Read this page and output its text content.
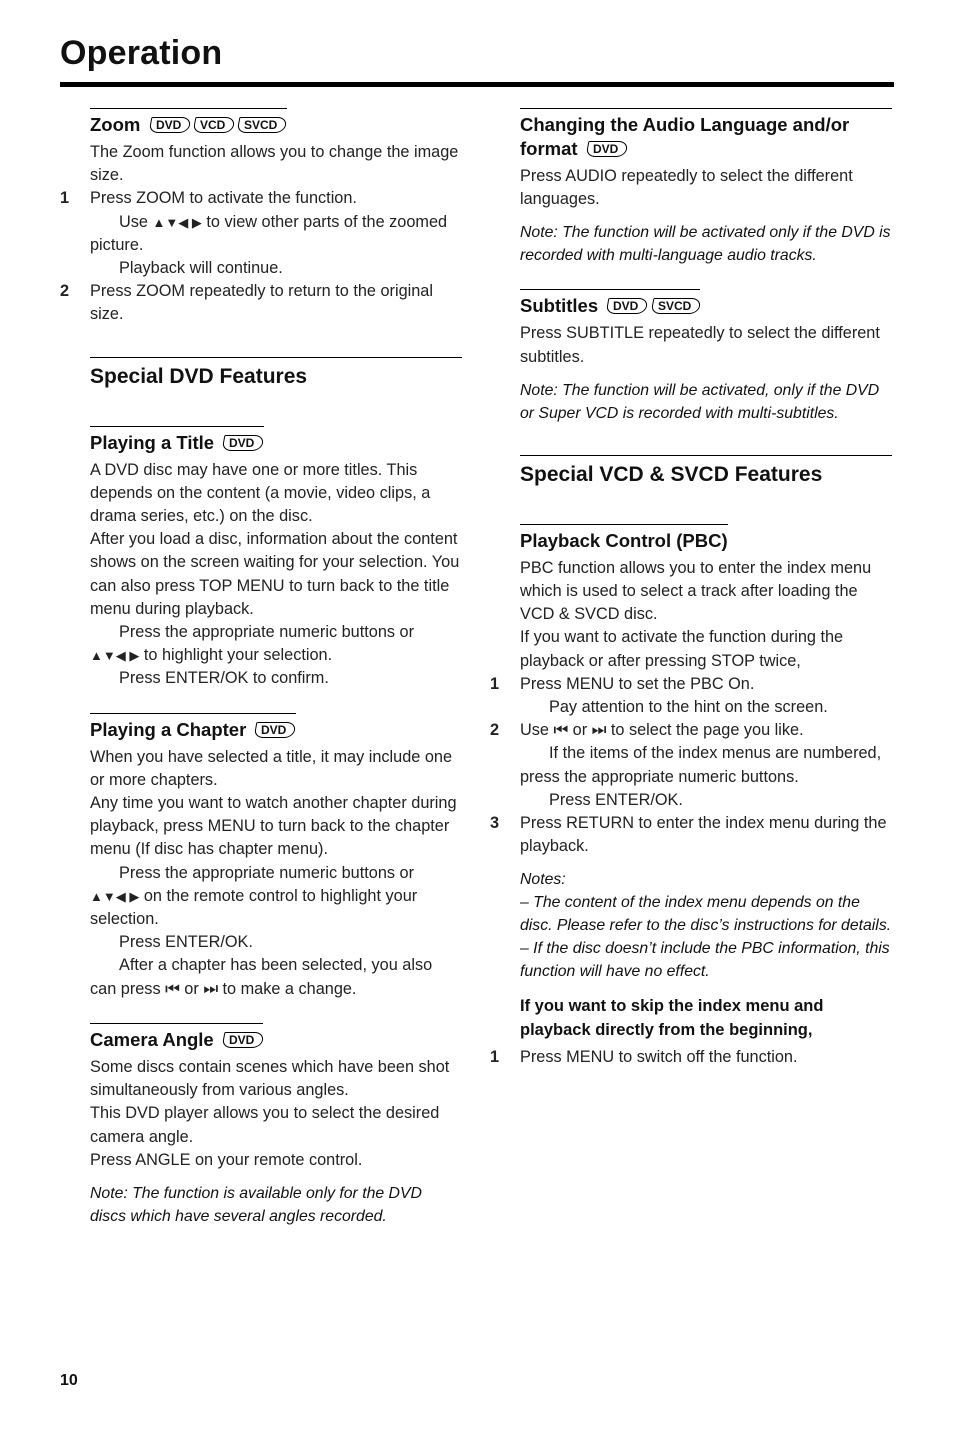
Operation
Zoom DVD VCD SVCD

The Zoom function allows you to change the image size.

1 Press ZOOM to activate the function.

Use ▲▼◀ ▶ to view other parts of the zoomed picture.

Playback will continue.

2 Press ZOOM repeatedly to return to the original size.

Special DVD Features
Playing a Title DVD

A DVD disc may have one or more titles. This depends on the content (a movie, video clips, a drama series, etc.) on the disc.

After you load a disc, information about the content shows on the screen waiting for your selection. You can also press TOP MENU to turn back to the title menu during playback.

Press the appropriate numeric buttons or

▲▼◀ ▶ to highlight your selection.

Press ENTER/OK to confirm.

Playing a Chapter DVD

When you have selected a title, it may include one or more chapters.

Any time you want to watch another chapter during playback, press MENU to turn back to the chapter menu (If disc has chapter menu).

Press the appropriate numeric buttons or

▲▼◀ ▶ on the remote control to highlight your selection.

Press ENTER/OK.

After a chapter has been selected, you also can press ⏮ or ⏭ to make a change.

Camera Angle DVD

Some discs contain scenes which have been shot simultaneously from various angles.

This DVD player allows you to select the desired camera angle.

Press ANGLE on your remote control.

Note: The function is available only for the DVD discs which have several angles recorded.

Changing the Audio Language and/or format DVD

Press AUDIO repeatedly to select the different languages.

Note: The function will be activated only if the DVD is recorded with multi-language audio tracks.

Subtitles DVD SVCD

Press SUBTITLE repeatedly to select the different subtitles.

Note: The function will be activated, only if the DVD or Super VCD is recorded with multi-subtitles.

Special VCD & SVCD Features
Playback Control (PBC)

PBC function allows you to enter the index menu which is used to select a track after loading the VCD & SVCD disc.

If you want to activate the function during the playback or after pressing STOP twice,

1 Press MENU to set the PBC On.

Pay attention to the hint on the screen.

2 Use ⏮ or ⏭ to select the page you like.

If the items of the index menus are numbered, press the appropriate numeric buttons.

Press ENTER/OK.

3 Press RETURN to enter the index menu during the playback.

Notes:

– The content of the index menu depends on the disc. Please refer to the disc’s instructions for details.

– If the disc doesn’t include the PBC information, this function will have no effect.

If you want to skip the index menu and playback directly from the beginning,

1 Press MENU to switch off the function.

10
